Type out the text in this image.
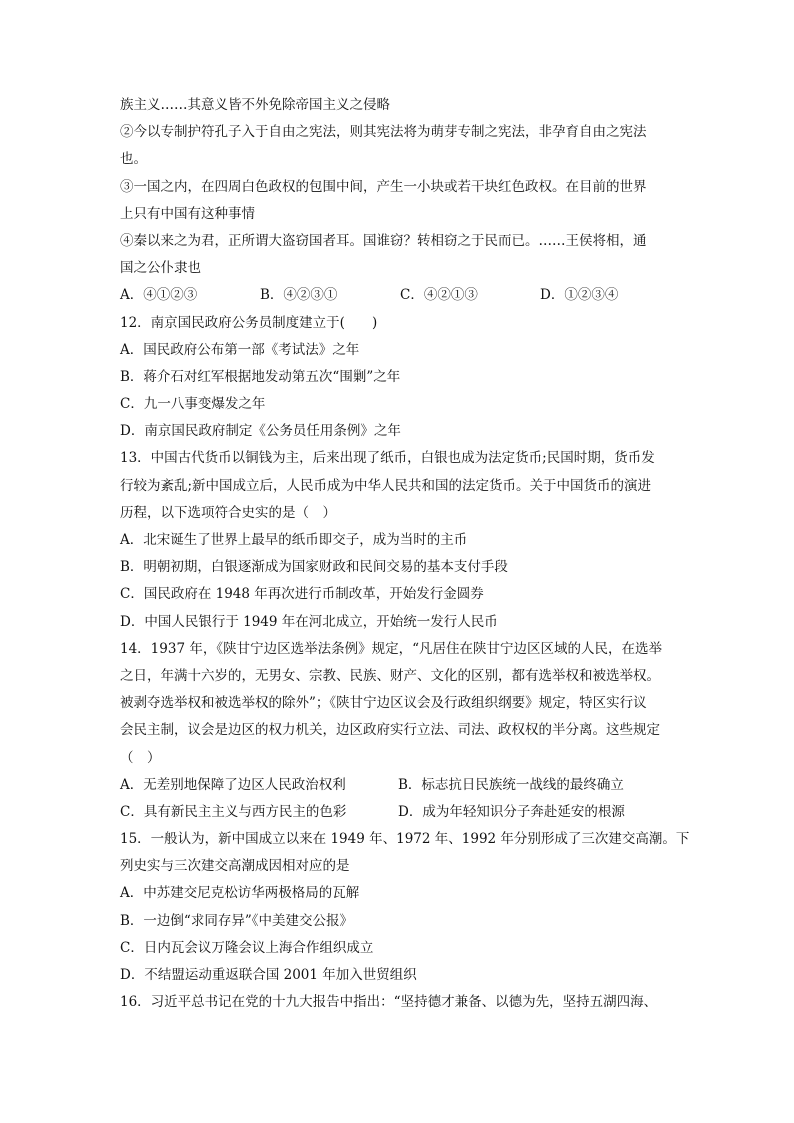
族主义……其意义皆不外免除帝国主义之侵略
②今以专制护符孔子入于自由之宪法，则其宪法将为萌芽专制之宪法，非孕育自由之宪法
也。
③一国之内，在四周白色政权的包围中间，产生一小块或若干块红色政权。在目前的世界
上只有中国有这种事情
④秦以来之为君，正所谓大盗窃国者耳。国谁窃？转相窃之于民而已。……王侯将相，通
国之公仆隶也
A．④①②③	B．④②③①	C．④②①③	D．①②③④
12．南京国民政府公务员制度建立于(　　)
A．国民政府公布第一部《考试法》之年
B．蒋介石对红军根据地发动第五次“围剿”之年
C．九一八事变爆发之年
D．南京国民政府制定《公务员任用条例》之年
13．中国古代货币以铜钱为主，后来出现了纸币，白银也成为法定货币;民国时期，货币发
行较为紊乱;新中国成立后，人民币成为中华人民共和国的法定货币。关于中国货币的演进
历程，以下选项符合史实的是（　）
A．北宋诞生了世界上最早的纸币即交子，成为当时的主币
B．明朝初期，白银逐渐成为国家财政和民间交易的基本支付手段
C．国民政府在 1948 年再次进行币制改革，开始发行金圆券
D．中国人民银行于 1949 年在河北成立，开始统一发行人民币
14．1937 年，《陕甘宁边区选举法条例》规定，“凡居住在陕甘宁边区区域的人民，在选举
之日，年满十六岁的，无男女、宗教、民族、财产、文化的区别，都有选举权和被选举权。
被剥夺选举权和被选举权的除外”；《陕甘宁边区议会及行政组织纲要》规定，特区实行议
会民主制，议会是边区的权力机关，边区政府实行立法、司法、政权权的半分离。这些规定
（　）
A．无差别地保障了边区人民政治权利	B．标志抗日民族统一战线的最终确立
C．具有新民主主义与西方民主的色彩	D．成为年轻知识分子奔赴延安的根源
15．一般认为，新中国成立以来在 1949 年、1972 年、1992 年分别形成了三次建交高潮。下
列史实与三次建交高潮成因相对应的是
A．中苏建交尼克松访华两极格局的瓦解
B．一边倒“求同存异”《中美建交公报》
C．日内瓦会议万隆会议上海合作组织成立
D．不结盟运动重返联合国 2001 年加入世贸组织
16．习近平总书记在党的十九大报告中指出：“坚持德才兼备、以德为先，坚持五湖四海、
